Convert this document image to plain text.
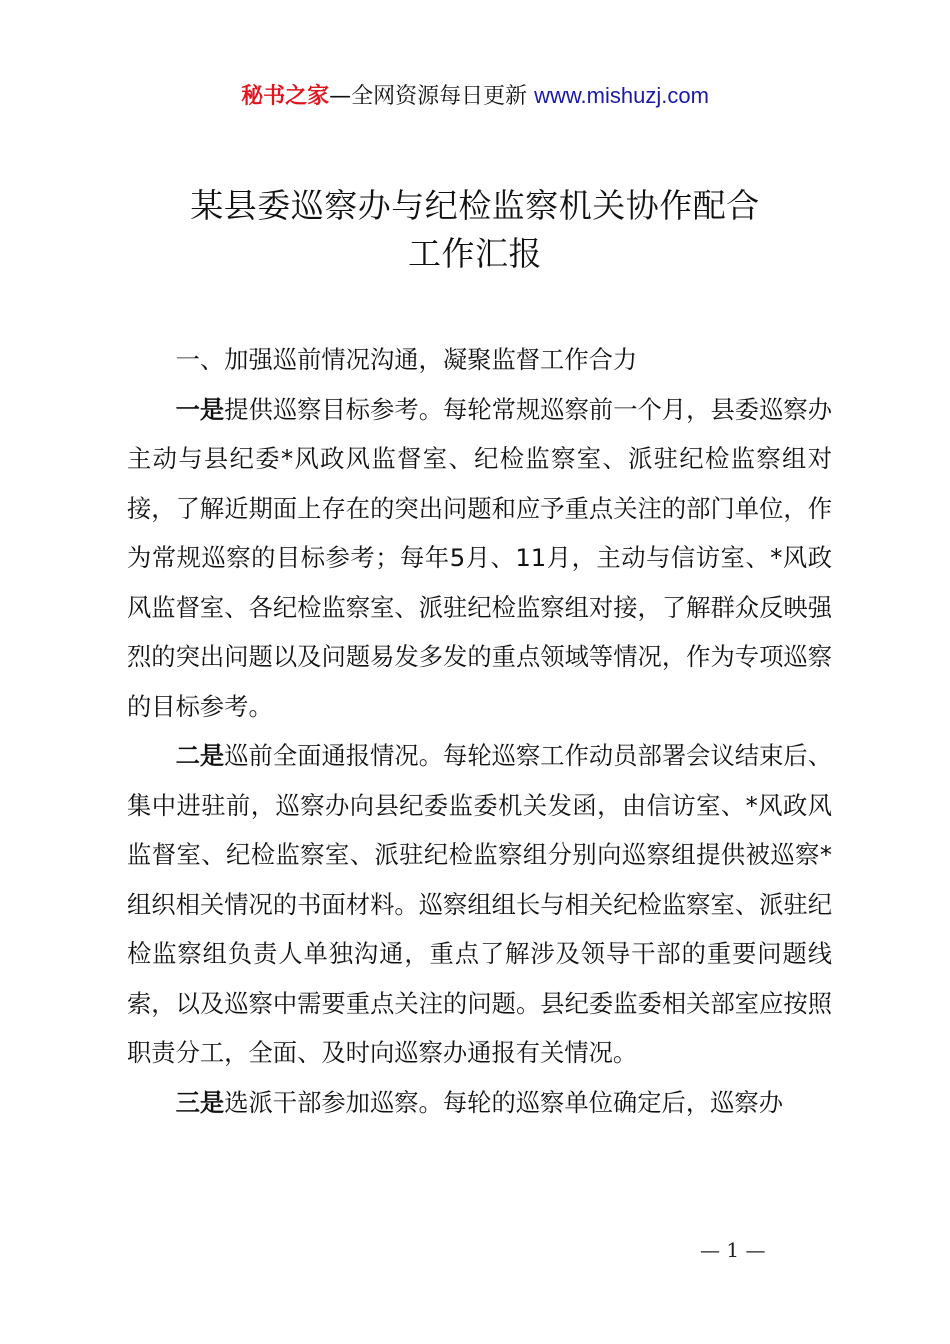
秘书之家—全网资源每日更新 www.mishuzj.com
某县委巡察办与纪检监察机关协作配合
工作汇报

一、加强巡前情况沟通，凝聚监督工作合力

一是提供巡察目标参考。每轮常规巡察前一个月，县委巡察办主动与县纪委*风政风监督室、纪检监察室、派驻纪检监察组对接，了解近期面上存在的突出问题和应予重点关注的部门单位，作为常规巡察的目标参考；每年5月、11月，主动与信访室、*风政风监督室、各纪检监察室、派驻纪检监察组对接，了解群众反映强烈的突出问题以及问题易发多发的重点领域等情况，作为专项巡察的目标参考。

二是巡前全面通报情况。每轮巡察工作动员部署会议结束后、集中进驻前，巡察办向县纪委监委机关发函，由信访室、*风政风监督室、纪检监察室、派驻纪检监察组分别向巡察组提供被巡察*组织相关情况的书面材料。巡察组组长与相关纪检监察室、派驻纪检监察组负责人单独沟通，重点了解涉及领导干部的重要问题线索，以及巡察中需要重点关注的问题。县纪委监委相关部室应按照职责分工，全面、及时向巡察办通报有关情况。

三是选派干部参加巡察。每轮的巡察单位确定后，巡察办

— 1 —
